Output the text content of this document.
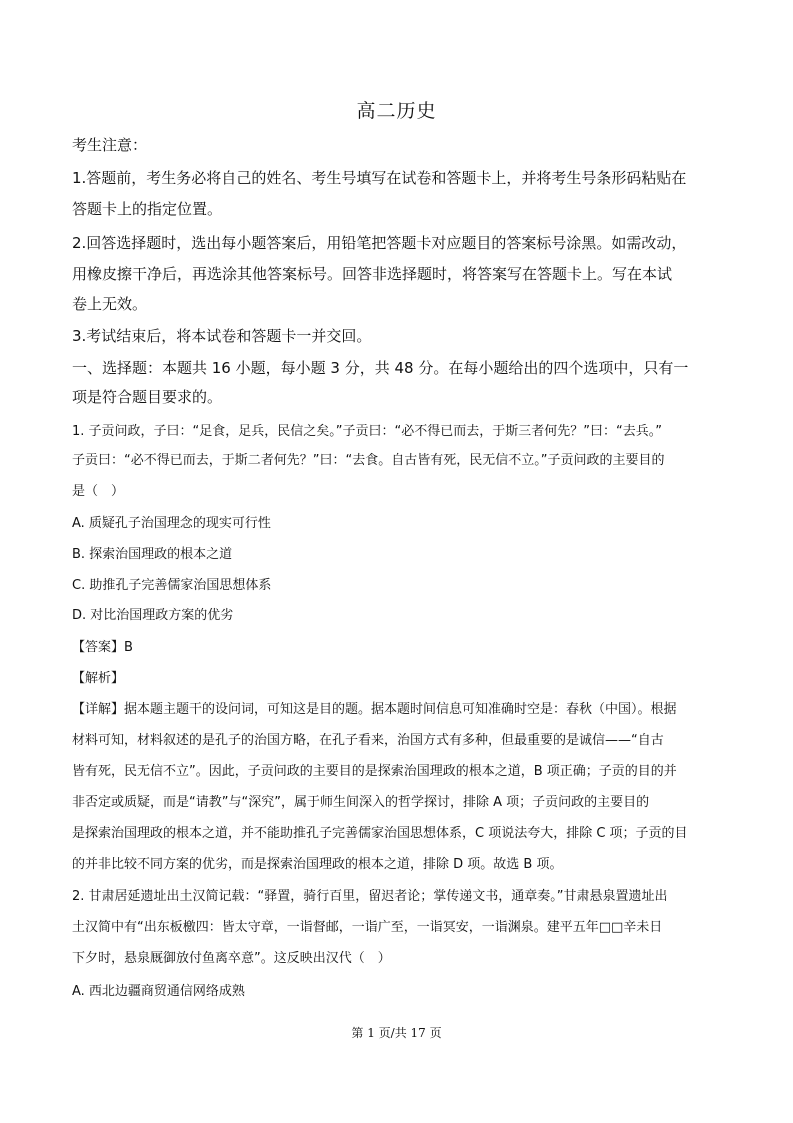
高二历史
考生注意：
1.答题前，考生务必将自己的姓名、考生号填写在试卷和答题卡上，并将考生号条形码粘贴在
答题卡上的指定位置。
2.回答选择题时，选出每小题答案后，用铅笔把答题卡对应题目的答案标号涂黑。如需改动，
用橡皮擦干净后，再选涂其他答案标号。回答非选择题时，将答案写在答题卡上。写在本试
卷上无效。
3.考试结束后，将本试卷和答题卡一并交回。
一、选择题：本题共 16 小题，每小题 3 分，共 48 分。在每小题给出的四个选项中，只有一
项是符合题目要求的。
1. 子贡问政，子曰：“足食，足兵，民信之矣。”子贡曰：“必不得已而去，于斯三者何先？”曰：“去兵。”
子贡曰：“必不得已而去，于斯二者何先？”曰：“去食。自古皆有死，民无信不立。”子贡问政的主要目的
是（　）
A. 质疑孔子治国理念的现实可行性
B. 探索治国理政的根本之道
C. 助推孔子完善儒家治国思想体系
D. 对比治国理政方案的优劣
【答案】B
【解析】
【详解】据本题主题干的设问词，可知这是目的题。据本题时间信息可知准确时空是：春秋（中国）。根据
材料可知，材料叙述的是孔子的治国方略，在孔子看来，治国方式有多种，但最重要的是诚信——“自古
皆有死，民无信不立”。因此，子贡问政的主要目的是探索治国理政的根本之道，B 项正确；子贡的目的并
非否定或质疑，而是“请教”与“深究”，属于师生间深入的哲学探讨，排除 A 项；子贡问政的主要目的
是探索治国理政的根本之道，并不能助推孔子完善儒家治国思想体系，C 项说法夸大，排除 C 项；子贡的目
的并非比较不同方案的优劣，而是探索治国理政的根本之道，排除 D 项。故选 B 项。
2. 甘肃居延遗址出土汉简记载：“驿置，骑行百里，留迟者论；掌传递文书，通章奏。”甘肃悬泉置遗址出
土汉简中有“出东板檄四：皆太守章，一诣督邮，一诣广至，一诣冥安，一诣渊泉。建平五年□□辛未日
下夕时，悬泉厩御放付鱼离卒意”。这反映出汉代（　）
A. 西北边疆商贸通信网络成熟
第 1 页/共 17 页
